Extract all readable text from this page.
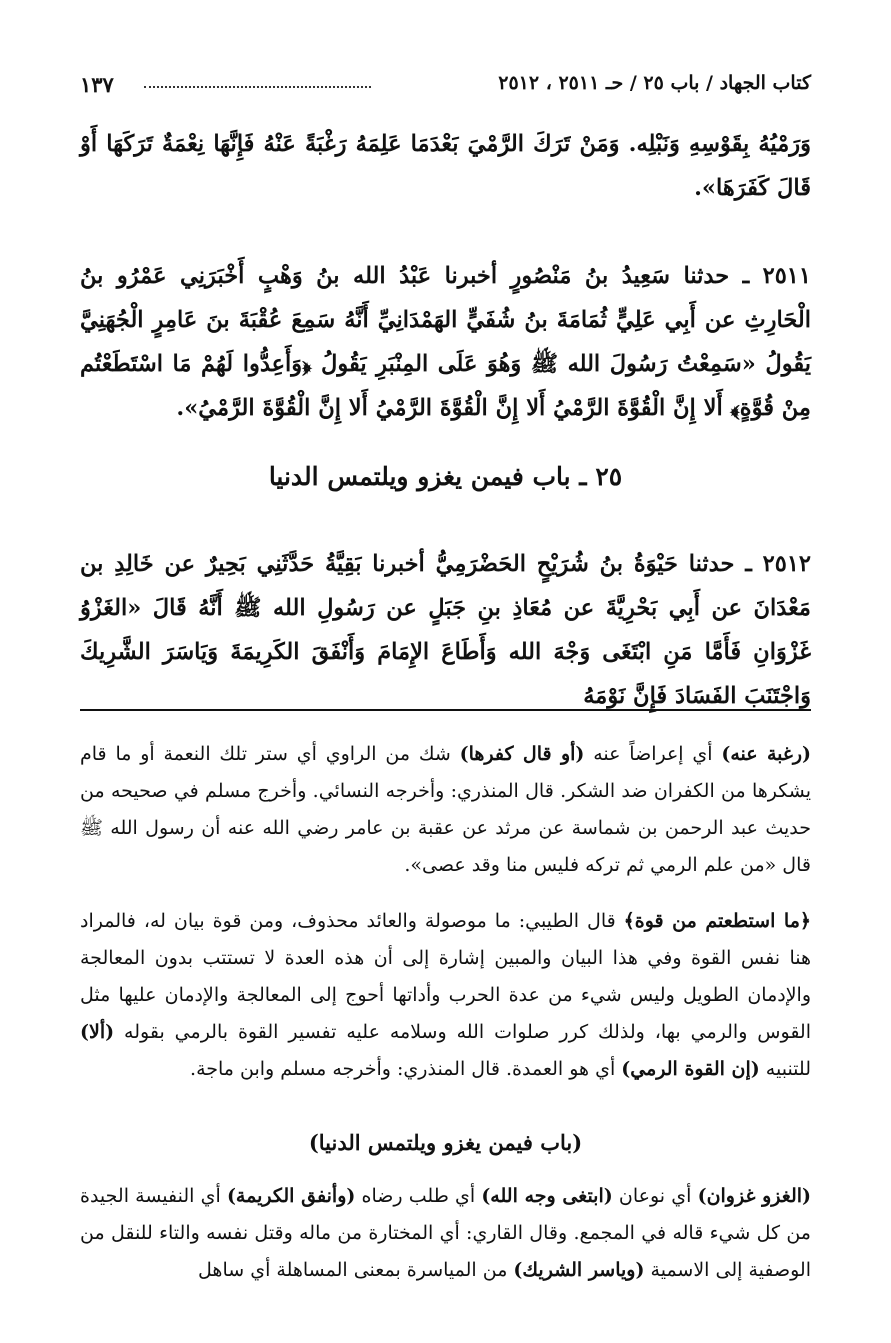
كتاب الجهاد / باب ٢٥ / حـ ٢٥١١ ، ٢٥١٢
١٣٧

وَرَمْيُهُ بِقَوْسِهِ وَنَبْلِه. وَمَنْ تَرَكَ الرَّمْيَ بَعْدَمَا عَلِمَهُ رَغْبَةً عَنْهُ فَإِنَّهَا نِعْمَةٌ تَرَكَهَا أَوْ قَالَ كَفَرَهَا».

٢٥١١ ـ حدثنا سَعِيدُ بنُ مَنْصُورٍ أخبرنا عَبْدُ الله بنُ وَهْبٍ أَخْبَرَنِي عَمْرُو بنُ الْحَارِثِ عن أَبِي عَلِيٍّ ثُمَامَةَ بنُ شُفَيٍّ الهَمْدَانِيِّ أَنَّهُ سَمِعَ عُقْبَةَ بنَ عَامِرٍ الْجُهَنِيَّ يَقُولُ «سَمِعْتُ رَسُولَ الله ﷺ وَهُوَ عَلَى المِنْبَرِ يَقُولُ ﴿وَأَعِدُّوا لَهُمْ مَا اسْتَطَعْتُم مِنْ قُوَّةٍ﴾ أَلا إِنَّ الْقُوَّةَ الرَّمْيُ أَلا إِنَّ الْقُوَّةَ الرَّمْيُ أَلا إِنَّ الْقُوَّةَ الرَّمْيُ».

٢٥ ـ باب فيمن يغزو ويلتمس الدنيا

٢٥١٢ ـ حدثنا حَيْوَةُ بنُ شُرَيْحٍ الحَضْرَمِيُّ أخبرنا بَقِيَّةُ حَدَّثَنِي بَحِيرٌ عن خَالِدِ بن مَعْدَانَ عن أَبِي بَحْرِيَّةَ عن مُعَاذِ بنِ جَبَلٍ عن رَسُولِ الله ﷺ أَنَّهُ قَالَ «الغَزْوُ غَزْوَانِ فَأَمَّا مَنِ ابْتَغَى وَجْهَ الله وَأَطَاعَ الإِمَامَ وَأَنْفَقَ الكَرِيمَةَ وَيَاسَرَ الشَّرِيكَ وَاجْتَنَبَ الفَسَادَ فَإِنَّ نَوْمَهُ

(رغبة عنه) أي إعراضاً عنه (أو قال كفرها) شك من الراوي أي ستر تلك النعمة أو ما قام يشكرها من الكفران ضد الشكر. قال المنذري: وأخرجه النسائي. وأخرج مسلم في صحيحه من حديث عبد الرحمن بن شماسة عن مرثد عن عقبة بن عامر رضي الله عنه أن رسول الله ﷺ قال «من علم الرمي ثم تركه فليس منا وقد عصى».

﴿ما استطعتم من قوة﴾ قال الطيبي: ما موصولة والعائد محذوف، ومن قوة بيان له، فالمراد هنا نفس القوة وفي هذا البيان والمبين إشارة إلى أن هذه العدة لا تستتب بدون المعالجة والإدمان الطويل وليس شيء من عدة الحرب وأداتها أحوج إلى المعالجة والإدمان عليها مثل القوس والرمي بها، ولذلك كرر صلوات الله وسلامه عليه تفسير القوة بالرمي بقوله (ألا) للتنبيه (إن القوة الرمي) أي هو العمدة. قال المنذري: وأخرجه مسلم وابن ماجة.

(باب فيمن يغزو ويلتمس الدنيا)

(الغزو غزوان) أي نوعان (ابتغى وجه الله) أي طلب رضاه (وأنفق الكريمة) أي النفيسة الجيدة من كل شيء قاله في المجمع. وقال القاري: أي المختارة من ماله وقتل نفسه والتاء للنقل من الوصفية إلى الاسمية (وياسر الشريك) من المياسرة بمعنى المساهلة أي ساهل
